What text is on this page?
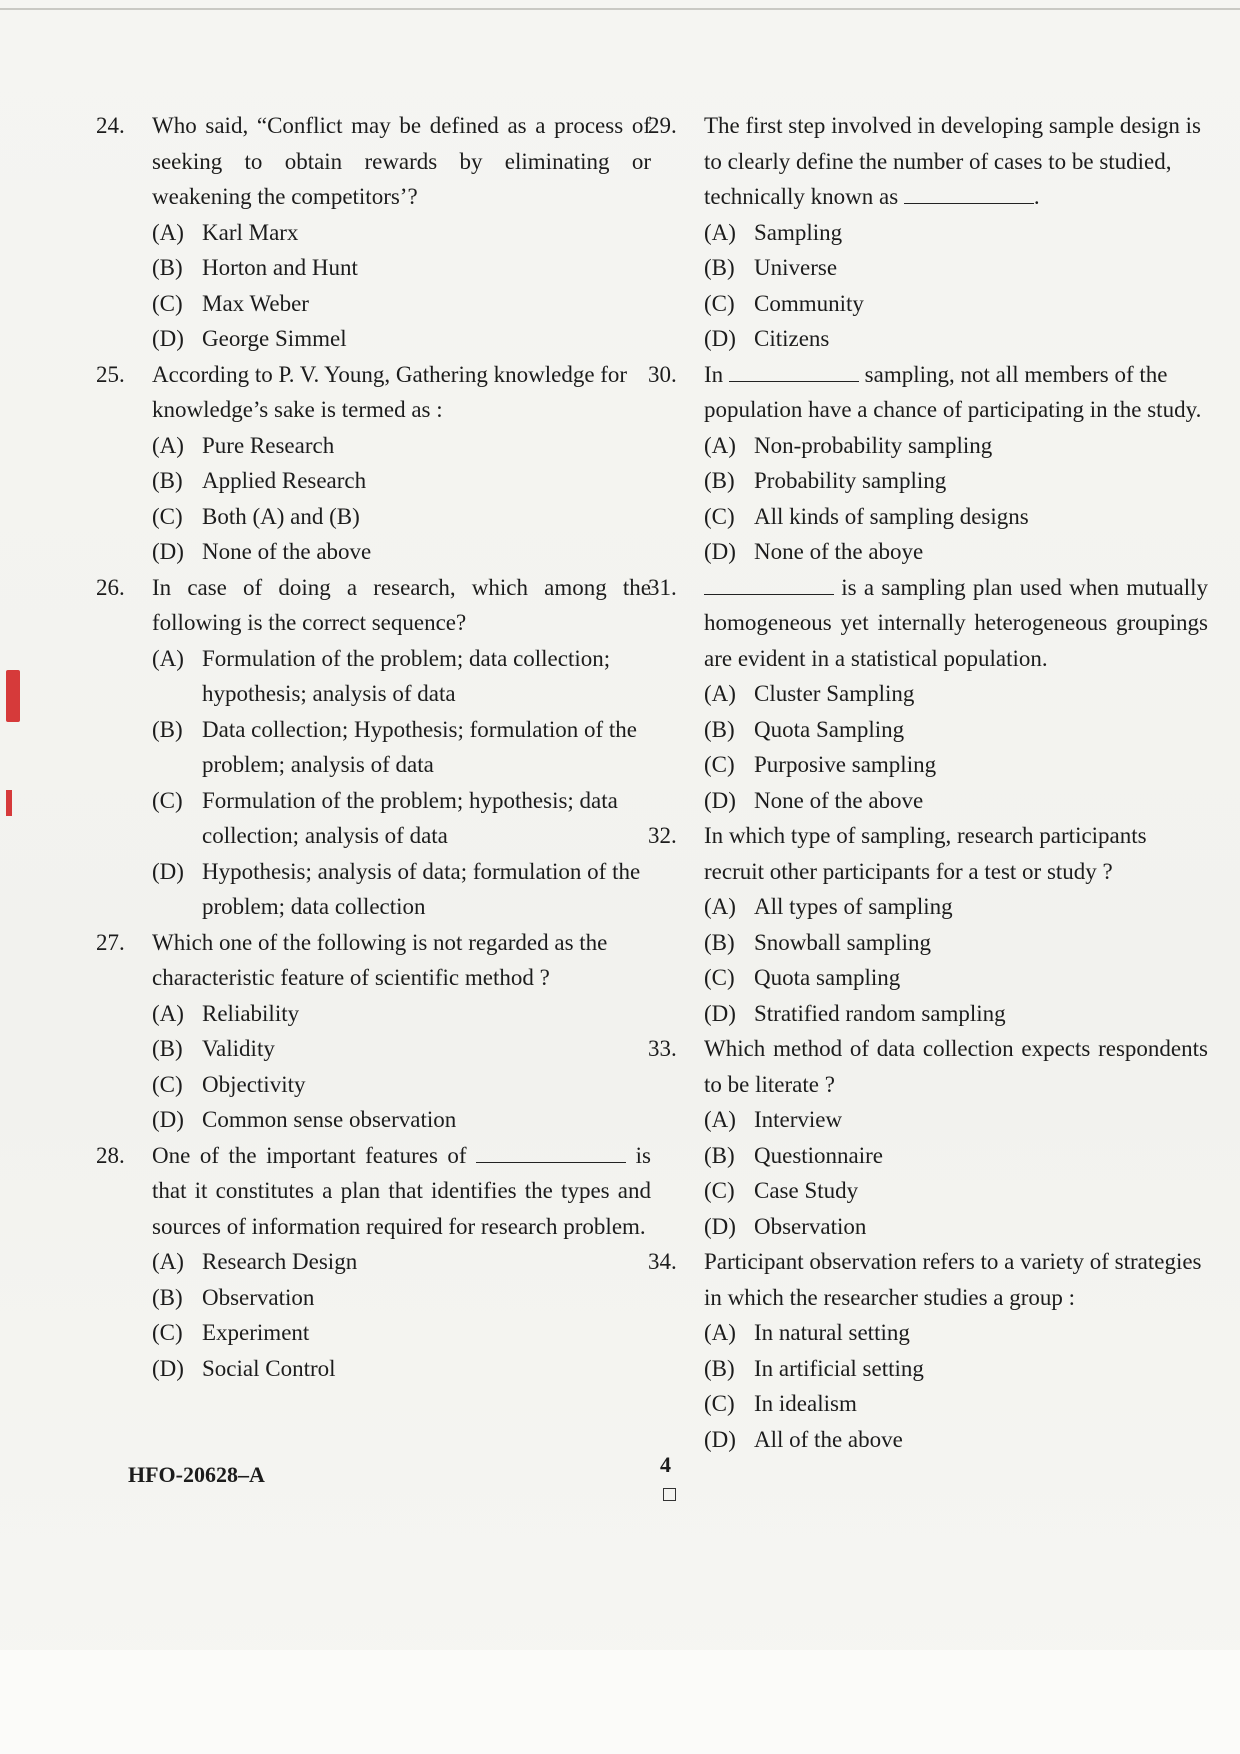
24. Who said, “Conflict may be defined as a process of seeking to obtain rewards by eliminating or weakening the competitors’?
(A) Karl Marx
(B) Horton and Hunt
(C) Max Weber
(D) George Simmel
25. According to P. V. Young, Gathering knowledge for knowledge’s sake is termed as :
(A) Pure Research
(B) Applied Research
(C) Both (A) and (B)
(D) None of the above
26. In case of doing a research, which among the following is the correct sequence?
(A) Formulation of the problem; data collection; hypothesis; analysis of data
(B) Data collection; Hypothesis; formulation of the problem; analysis of data
(C) Formulation of the problem; hypothesis; data collection; analysis of data
(D) Hypothesis; analysis of data; formulation of the problem; data collection
27. Which one of the following is not regarded as the characteristic feature of scientific method ?
(A) Reliability
(B) Validity
(C) Objectivity
(D) Common sense observation
28. One of the important features of	is that it constitutes a plan that identifies the types and sources of information required for research problem.
(A) Research Design
(B) Observation
(C) Experiment
(D) Social Control
29. The first step involved in developing sample design is to clearly define the number of cases to be studied, technically known as	.
(A) Sampling
(B) Universe
(C) Community
(D) Citizens
30. In	sampling, not all members of the population have a chance of participating in the study.
(A) Non-probability sampling
(B) Probability sampling
(C) All kinds of sampling designs
(D) None of the aboye
31.	is a sampling plan used when mutually homogeneous yet internally heterogeneous groupings are evident in a statistical population.
(A) Cluster Sampling
(B) Quota Sampling
(C) Purposive sampling
(D) None of the above
32. In which type of sampling, research participants recruit other participants for a test or study ?
(A) All types of sampling
(B) Snowball sampling
(C) Quota sampling
(D) Stratified random sampling
33. Which method of data collection expects respondents to be literate ?
(A) Interview
(B) Questionnaire
(C) Case Study
(D) Observation
34. Participant observation refers to a variety of strategies in which the researcher studies a group :
(A) In natural setting
(B) In artificial setting
(C) In idealism
(D) All of the above
HFO-20628–A	4
